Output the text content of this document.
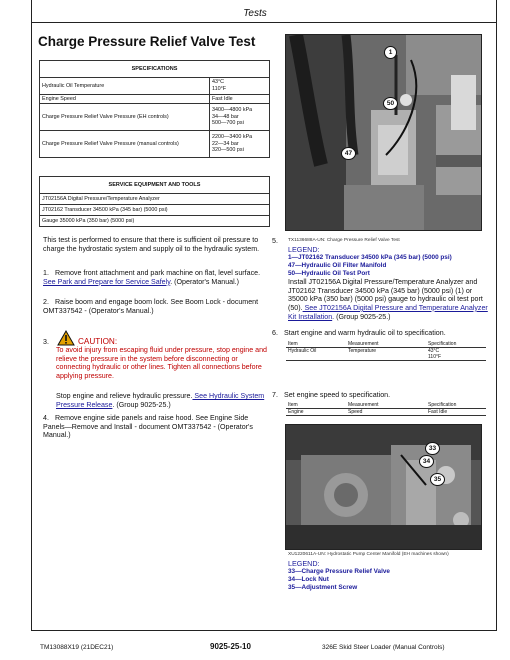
Tests
Charge Pressure Relief Valve Test
SPECIFICATIONS	
Hydraulic Oil Temperature	43°C
110°F

Engine Speed	Fast Idle
Charge Pressure Relief Valve Pressure (EH controls)	3400—4800 kPa
34—48 bar
500—700 psi

Charge Pressure Relief Valve Pressure (manual controls)	2200—3400 kPa
22—34 bar
320—500 psi
SERVICE EQUIPMENT AND TOOLS
JT02156A Digital Pressure/Temperature Analyzer
JT02162 Transducer 34500 kPa (345 bar) (5000 psi)
Gauge 35000 kPa (350 bar) (5000 psi)
This test is performed to ensure that there is sufficient oil pressure to charge the hydrostatic system and supply oil to the hydraulic system.
1. Remove front attachment and park machine on flat, level surface. See Park and Prepare for Service Safely. (Operator's Manual.)
2. Raise boom and engage boom lock. See Boom Lock - document OMT337542 - (Operator's Manual.)
3.	CAUTION:
To avoid injury from escaping fluid under pressure, stop engine and relieve the pressure in the system before disconnecting or connecting hydraulic or other lines. Tighten all connections before applying pressure.
Stop engine and relieve hydraulic pressure. See Hydraulic System Pressure Release. (Group 9025-25.)
4. Remove engine side panels and raise hood. See Engine Side Panels—Remove and Install - document OMT337542 - (Operator's Manual.)
1
50
47
TX1136688A-UN: Charge Pressure Relief Valve Test
5.
LEGEND:
1—JT02162 Transducer 34500 kPa (345 bar) (5000 psi)
47—Hydraulic Oil Filter Manifold
50—Hydraulic Oil Test Port
Install JT02156A Digital Pressure/Temperature Analyzer and JT02162 Transducer 34500 kPa (345 bar) (5000 psi) (1) or 35000 kPa (350 bar) (5000 psi) gauge to hydraulic oil test port (50). See JT02156A Digital Pressure and Temperature Analyzer Kit Installation. (Group 9025-25.)
6. Start engine and warm hydraulic oil to specification.
Item	Measurement	Specification
Hydraulic Oil	Temperature	43°C
110°F
7. Set engine speed to specification.
Item	Measurement	Specification
Engine	Speed	Fast Idle
33
34
35
XU1220611A-UN: Hydrostatic Pump Center Manifold (EH machines shown)
LEGEND:
33—Charge Pressure Relief Valve
34—Lock Nut
35—Adjustment Screw
TM13088X19 (21DEC21)	9025-25-10	326E Skid Steer Loader (Manual Controls)
